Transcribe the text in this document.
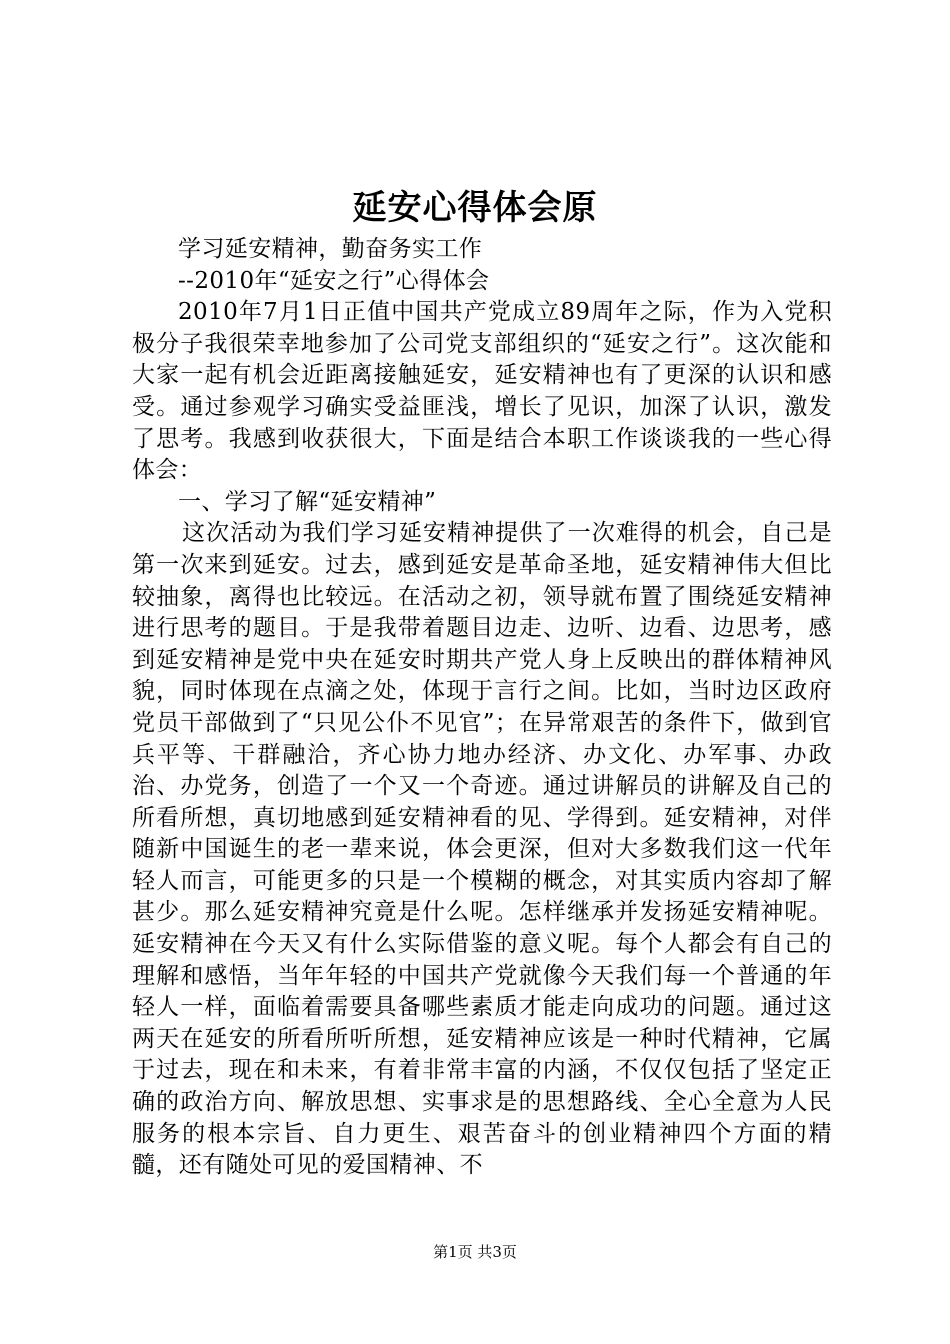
延安心得体会原

学习延安精神，勤奋务实工作

--2010年“延安之行”心得体会

2010年7月1日正值中国共产党成立89周年之际，作为入党积极分子我很荣幸地参加了公司党支部组织的“延安之行”。这次能和大家一起有机会近距离接触延安，延安精神也有了更深的认识和感受。通过参观学习确实受益匪浅，增长了见识，加深了认识，激发了思考。我感到收获很大，下面是结合本职工作谈谈我的一些心得体会：

一、学习了解“延安精神”

这次活动为我们学习延安精神提供了一次难得的机会，自己是第一次来到延安。过去，感到延安是革命圣地，延安精神伟大但比较抽象，离得也比较远。在活动之初，领导就布置了围绕延安精神进行思考的题目。于是我带着题目边走、边听、边看、边思考，感到延安精神是党中央在延安时期共产党人身上反映出的群体精神风貌，同时体现在点滴之处，体现于言行之间。比如，当时边区政府党员干部做到了“只见公仆不见官”；在异常艰苦的条件下，做到官兵平等、干群融洽，齐心协力地办经济、办文化、办军事、办政治、办党务，创造了一个又一个奇迹。通过讲解员的讲解及自己的所看所想，真切地感到延安精神看的见、学得到。延安精神，对伴随新中国诞生的老一辈来说，体会更深，但对大多数我们这一代年轻人而言，可能更多的只是一个模糊的概念，对其实质内容却了解甚少。那么延安精神究竟是什么呢。怎样继承并发扬延安精神呢。延安精神在今天又有什么实际借鉴的意义呢。每个人都会有自己的理解和感悟，当年年轻的中国共产党就像今天我们每一个普通的年轻人一样，面临着需要具备哪些素质才能走向成功的问题。通过这两天在延安的所看所听所想，延安精神应该是一种时代精神，它属于过去，现在和未来，有着非常丰富的内涵，不仅仅包括了坚定正确的政治方向、解放思想、实事求是的思想路线、全心全意为人民服务的根本宗旨、自力更生、艰苦奋斗的创业精神四个方面的精髓，还有随处可见的爱国精神、不

第1页 共3页
